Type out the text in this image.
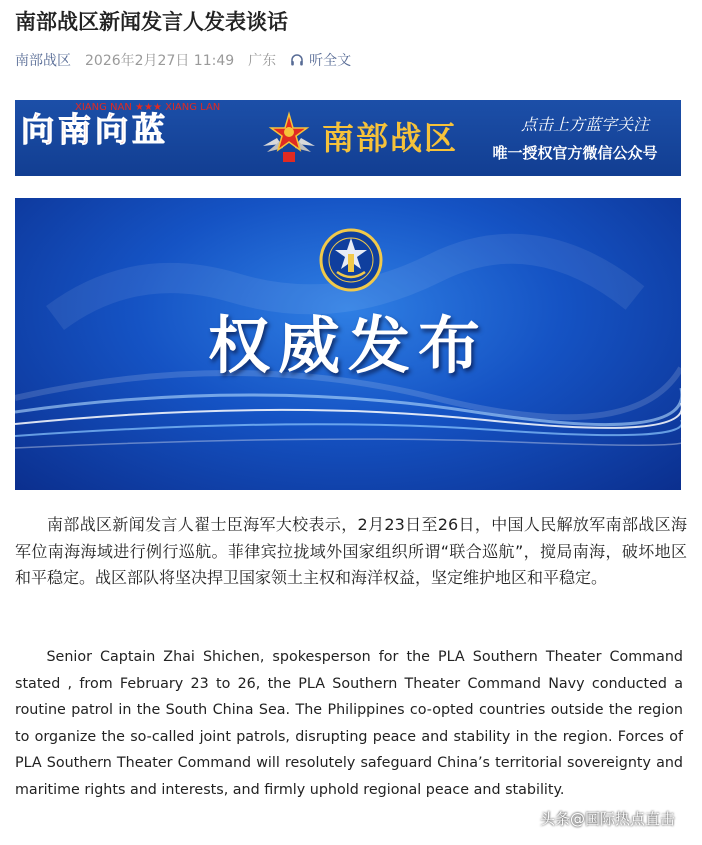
南部战区新闻发言人发表谈话
南部战区 2026年2月27日 11:49 广东 听全文
XIANG NAN ★★★ XIANG LAN
向南向蓝	南部战区	点击上方蓝字关注
唯一授权官方微信公众号
权威发布
南部战区新闻发言人翟士臣海军大校表示，2月23日至26日，中国人民解放军南部战区海军位南海海域进行例行巡航。菲律宾拉拢域外国家组织所谓“联合巡航”，搅局南海，破坏地区和平稳定。战区部队将坚决捍卫国家领土主权和海洋权益，坚定维护地区和平稳定。
Senior Captain Zhai Shichen, spokesperson for the PLA Southern Theater Command stated , from February 23 to 26, the PLA Southern Theater Command Navy conducted a routine patrol in the South China Sea. The Philippines co-opted countries outside the region to organize the so-called joint patrols, disrupting peace and stability in the region. Forces of PLA Southern Theater Command will resolutely safeguard China’s territorial sovereignty and maritime rights and interests, and firmly uphold regional peace and stability.
头条@国际热点直击
